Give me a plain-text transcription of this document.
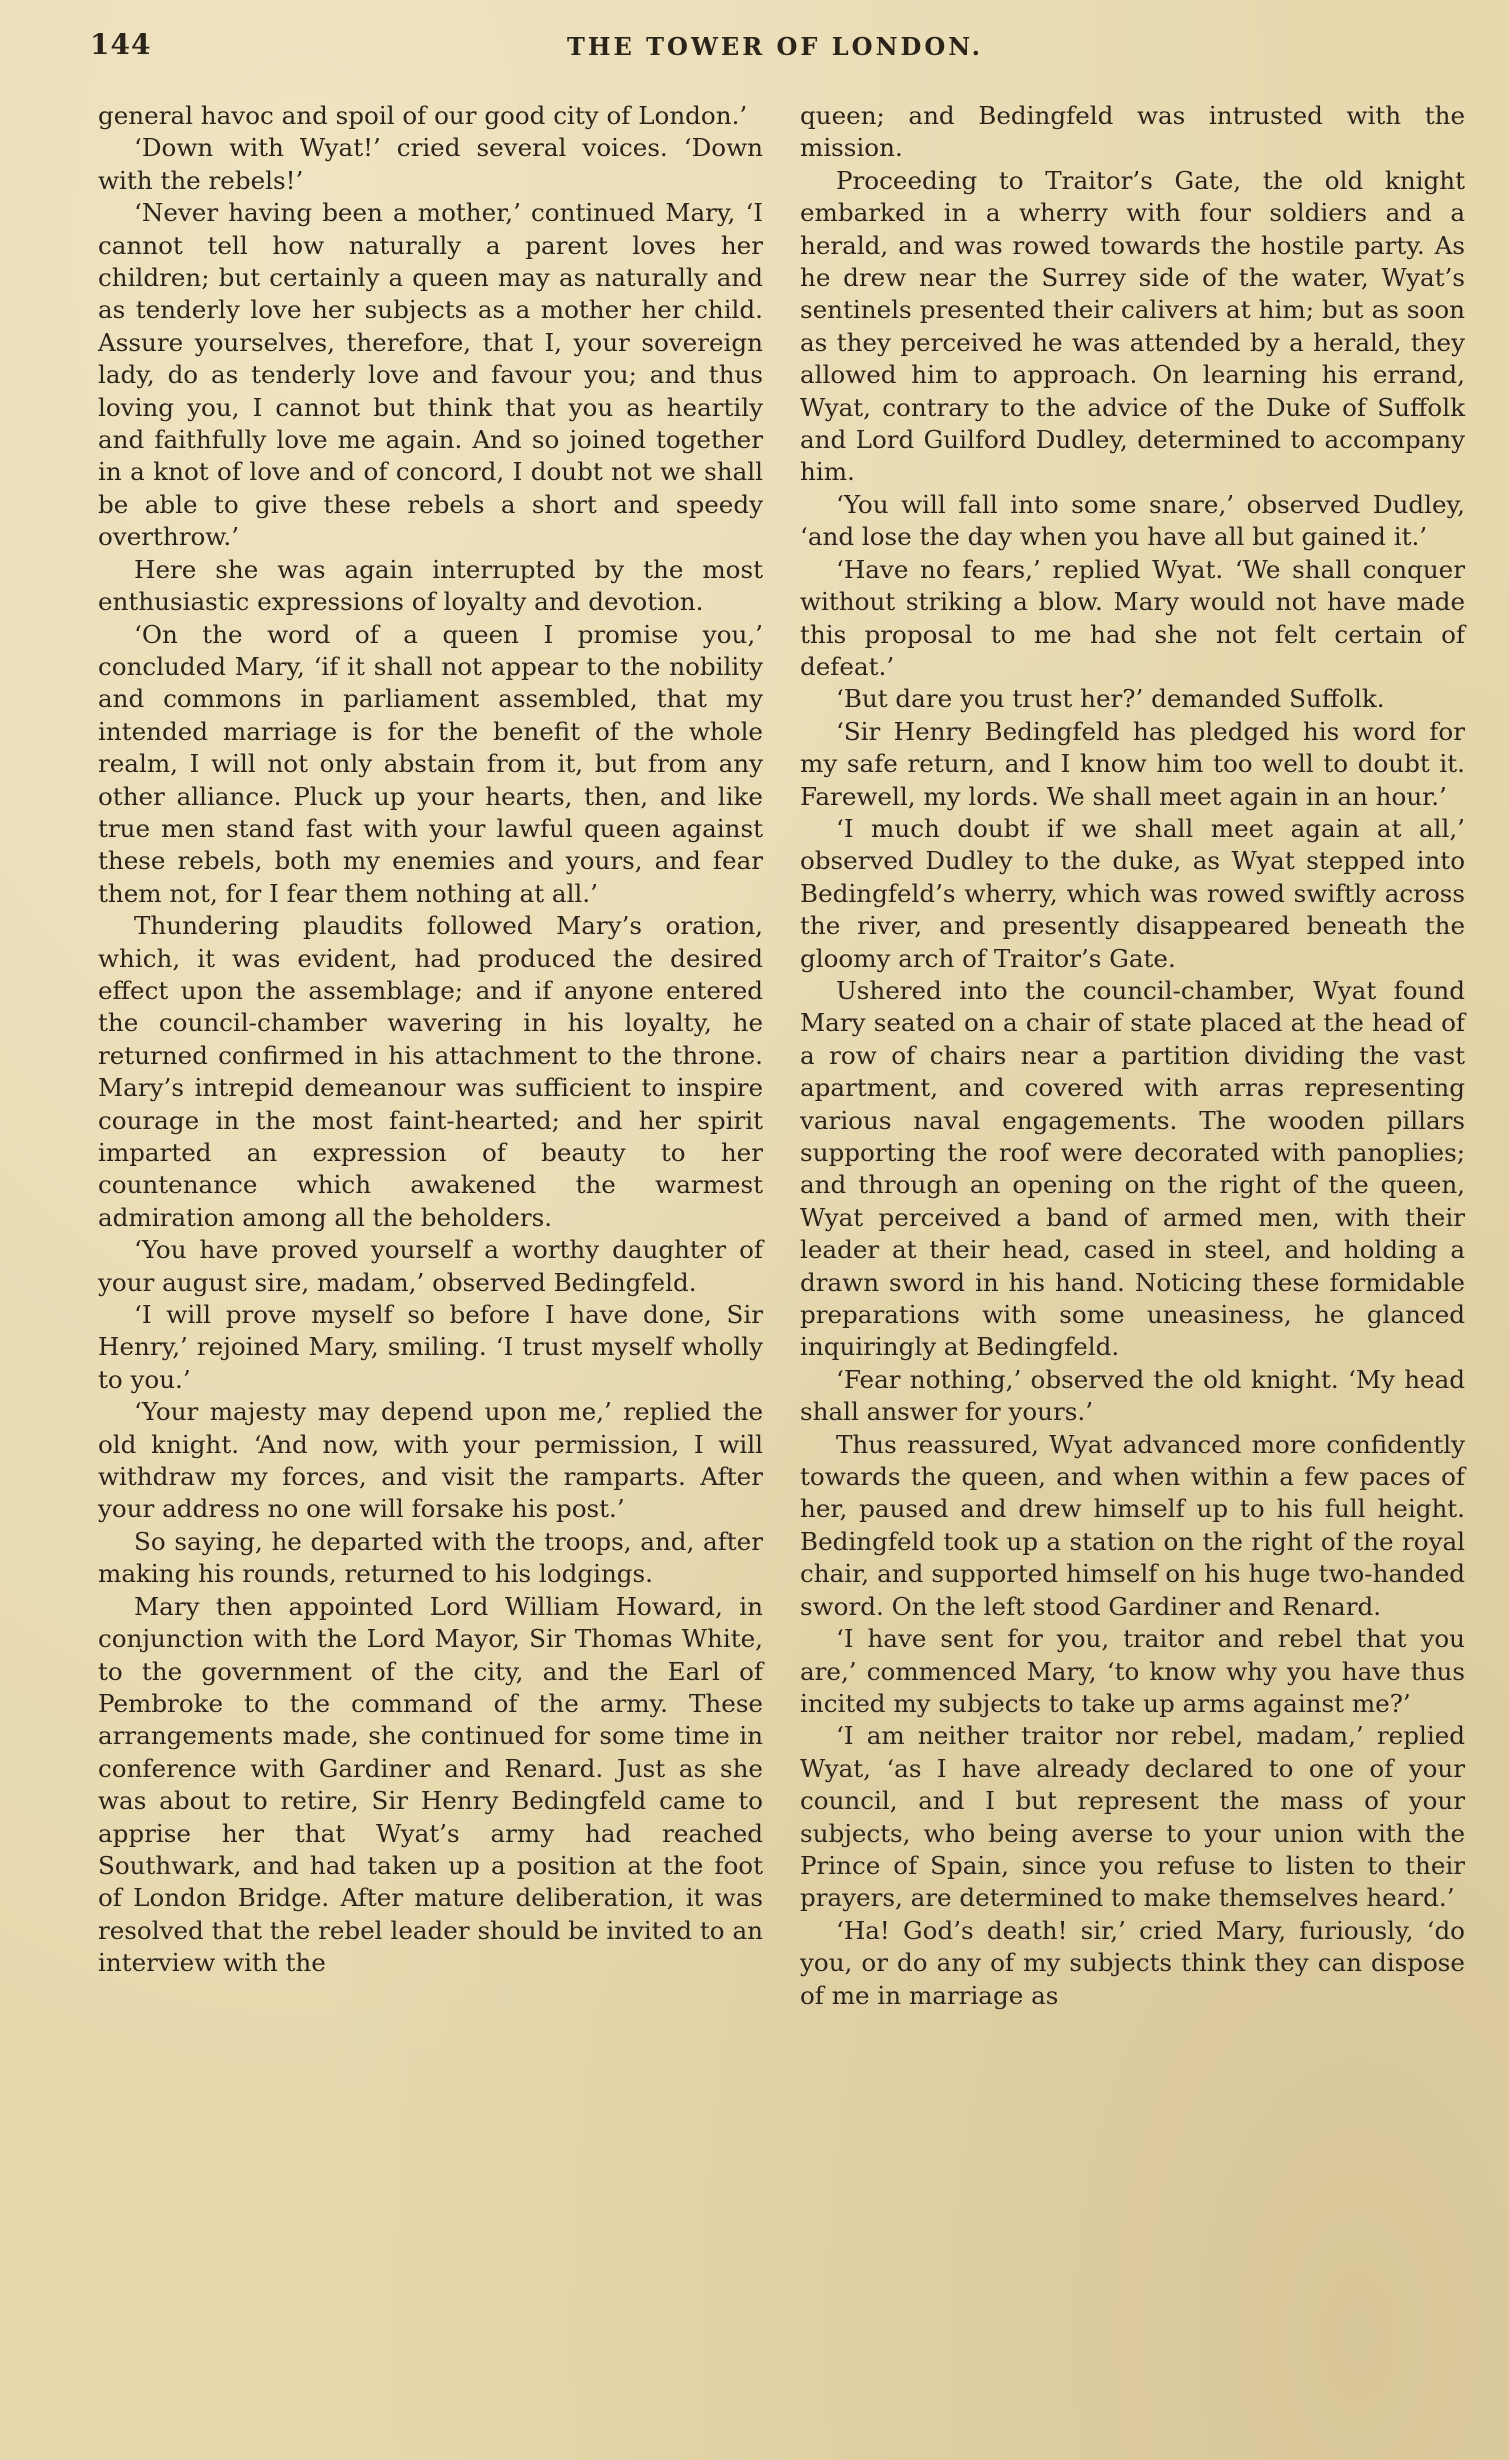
144	THE TOWER OF LONDON.

general havoc and spoil of our good city of London.’

‘Down with Wyat!’ cried several voices. ‘Down with the rebels!’

‘Never having been a mother,’ continued Mary, ‘I cannot tell how naturally a parent loves her children; but certainly a queen may as naturally and as tenderly love her subjects as a mother her child. Assure yourselves, therefore, that I, your sovereign lady, do as tenderly love and favour you; and thus loving you, I cannot but think that you as heartily and faithfully love me again. And so joined together in a knot of love and of concord, I doubt not we shall be able to give these rebels a short and speedy overthrow.’

Here she was again interrupted by the most enthusiastic expressions of loyalty and devotion.

‘On the word of a queen I promise you,’ concluded Mary, ‘if it shall not appear to the nobility and commons in parliament assembled, that my intended marriage is for the benefit of the whole realm, I will not only abstain from it, but from any other alliance. Pluck up your hearts, then, and like true men stand fast with your lawful queen against these rebels, both my enemies and yours, and fear them not, for I fear them nothing at all.’

Thundering plaudits followed Mary’s oration, which, it was evident, had produced the desired effect upon the assemblage; and if anyone entered the council-chamber wavering in his loyalty, he returned confirmed in his attachment to the throne. Mary’s intrepid demeanour was sufficient to inspire courage in the most faint-hearted; and her spirit imparted an expression of beauty to her countenance which awakened the warmest admiration among all the beholders.

‘You have proved yourself a worthy daughter of your august sire, madam,’ observed Bedingfeld.

‘I will prove myself so before I have done, Sir Henry,’ rejoined Mary, smiling. ‘I trust myself wholly to you.’

‘Your majesty may depend upon me,’ replied the old knight. ‘And now, with your permission, I will withdraw my forces, and visit the ramparts. After your address no one will forsake his post.’

So saying, he departed with the troops, and, after making his rounds, returned to his lodgings.

Mary then appointed Lord William Howard, in conjunction with the Lord Mayor, Sir Thomas White, to the government of the city, and the Earl of Pembroke to the command of the army. These arrangements made, she continued for some time in conference with Gardiner and Renard. Just as she was about to retire, Sir Henry Bedingfeld came to apprise her that Wyat’s army had reached Southwark, and had taken up a position at the foot of London Bridge. After mature deliberation, it was resolved that the rebel leader should be invited to an interview with the

queen; and Bedingfeld was intrusted with the mission.

Proceeding to Traitor’s Gate, the old knight embarked in a wherry with four soldiers and a herald, and was rowed towards the hostile party. As he drew near the Surrey side of the water, Wyat’s sentinels presented their calivers at him; but as soon as they perceived he was attended by a herald, they allowed him to approach. On learning his errand, Wyat, contrary to the advice of the Duke of Suffolk and Lord Guilford Dudley, determined to accompany him.

‘You will fall into some snare,’ observed Dudley, ‘and lose the day when you have all but gained it.’

‘Have no fears,’ replied Wyat. ‘We shall conquer without striking a blow. Mary would not have made this proposal to me had she not felt certain of defeat.’

‘But dare you trust her?’ demanded Suffolk.

‘Sir Henry Bedingfeld has pledged his word for my safe return, and I know him too well to doubt it. Farewell, my lords. We shall meet again in an hour.’

‘I much doubt if we shall meet again at all,’ observed Dudley to the duke, as Wyat stepped into Bedingfeld’s wherry, which was rowed swiftly across the river, and presently disappeared beneath the gloomy arch of Traitor’s Gate.

Ushered into the council-chamber, Wyat found Mary seated on a chair of state placed at the head of a row of chairs near a partition dividing the vast apartment, and covered with arras representing various naval engagements. The wooden pillars supporting the roof were decorated with panoplies; and through an opening on the right of the queen, Wyat perceived a band of armed men, with their leader at their head, cased in steel, and holding a drawn sword in his hand. Noticing these formidable preparations with some uneasiness, he glanced inquiringly at Bedingfeld.

‘Fear nothing,’ observed the old knight. ‘My head shall answer for yours.’

Thus reassured, Wyat advanced more confidently towards the queen, and when within a few paces of her, paused and drew himself up to his full height. Bedingfeld took up a station on the right of the royal chair, and supported himself on his huge two-handed sword. On the left stood Gardiner and Renard.

‘I have sent for you, traitor and rebel that you are,’ commenced Mary, ‘to know why you have thus incited my subjects to take up arms against me?’

‘I am neither traitor nor rebel, madam,’ replied Wyat, ‘as I have already declared to one of your council, and I but represent the mass of your subjects, who being averse to your union with the Prince of Spain, since you refuse to listen to their prayers, are determined to make themselves heard.’

‘Ha! God’s death! sir,’ cried Mary, furiously, ‘do you, or do any of my subjects think they can dispose of me in marriage as
